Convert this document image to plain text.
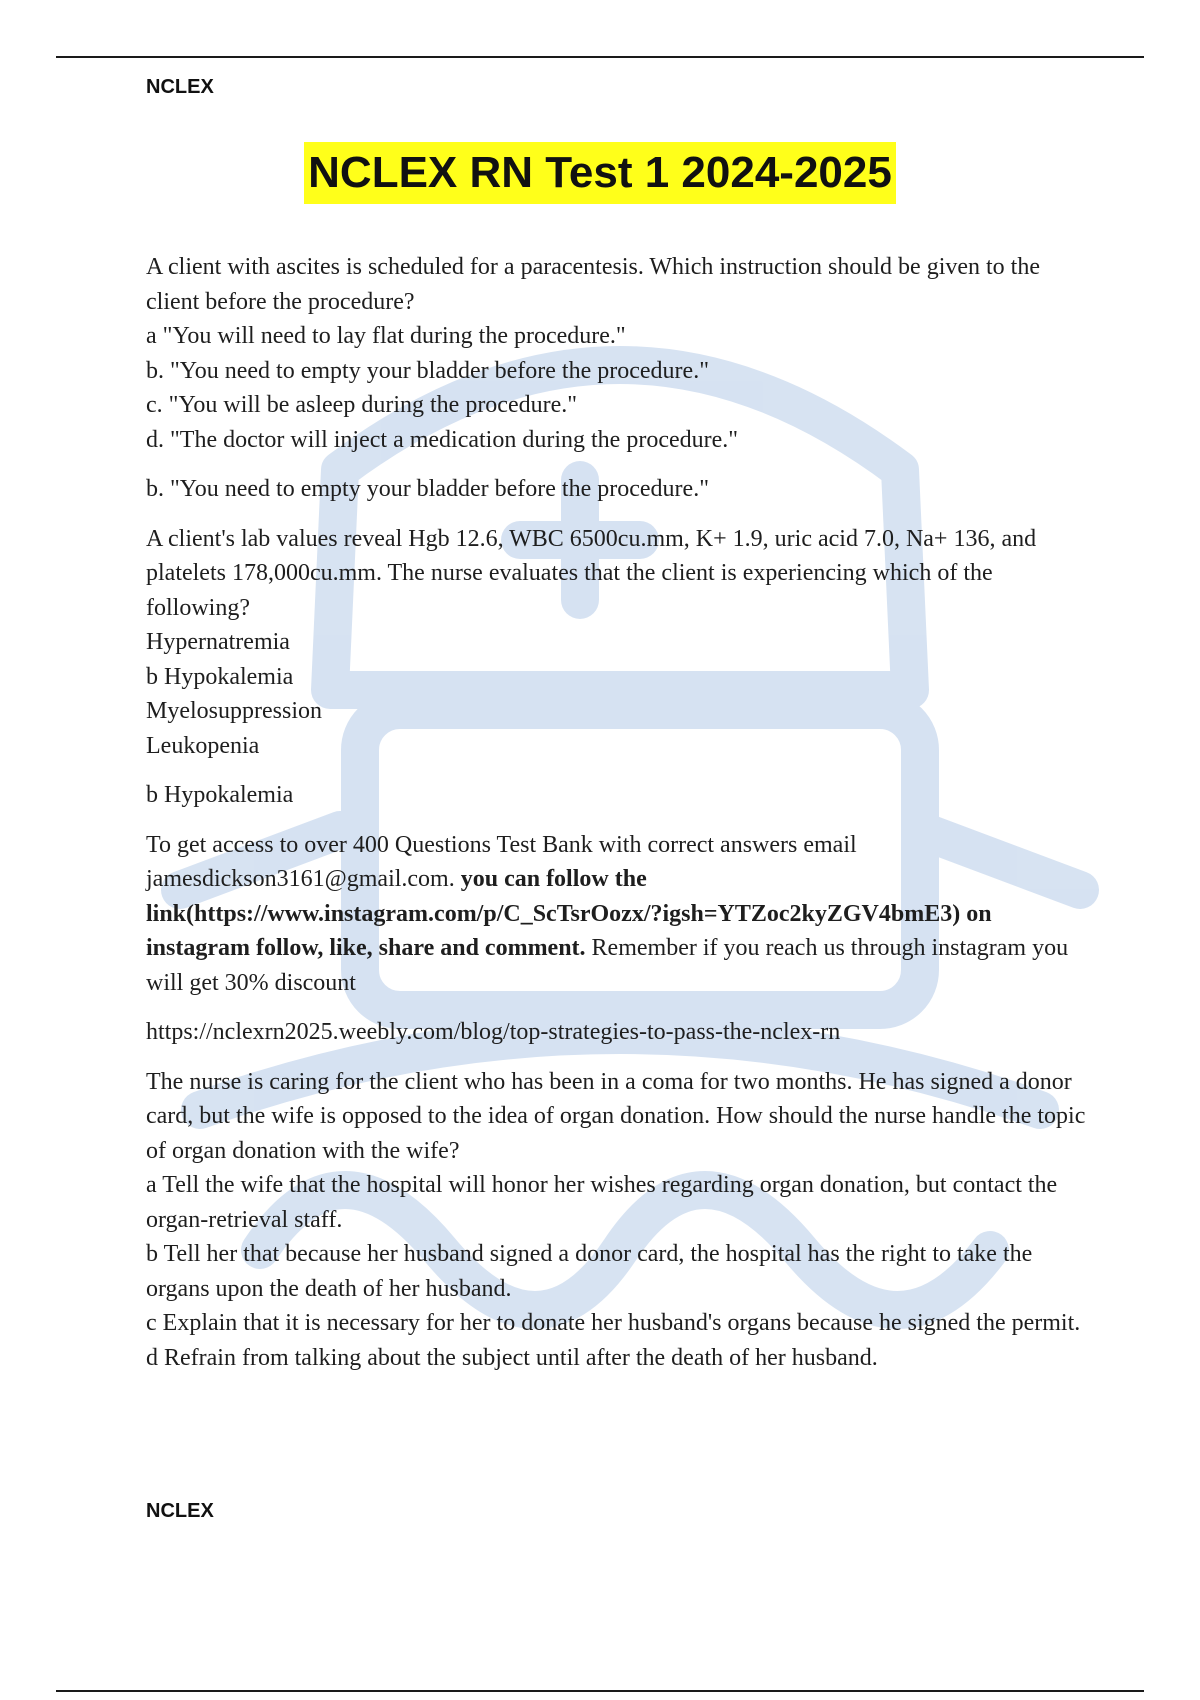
NCLEX
NCLEX RN Test 1 2024-2025

A client with ascites is scheduled for a paracentesis. Which instruction should be given to the client before the procedure?
a "You will need to lay flat during the procedure."
b. "You need to empty your bladder before the procedure."
c. "You will be asleep during the procedure."
d. "The doctor will inject a medication during the procedure."

b. "You need to empty your bladder before the procedure."

A client's lab values reveal Hgb 12.6, WBC 6500cu.mm, K+ 1.9, uric acid 7.0, Na+ 136, and platelets 178,000cu.mm. The nurse evaluates that the client is experiencing which of the following?
Hypernatremia
b Hypokalemia
Myelosuppression
Leukopenia

b Hypokalemia

To get access to over 400 Questions Test Bank with correct answers email jamesdickson3161@gmail.com. you can follow the link(https://www.instagram.com/p/C_ScTsrOozx/?igsh=YTZoc2kyZGV4bmE3) on instagram follow, like, share and comment. Remember if you reach us through instagram you will get 30% discount

https://nclexrn2025.weebly.com/blog/top-strategies-to-pass-the-nclex-rn

The nurse is caring for the client who has been in a coma for two months. He has signed a donor card, but the wife is opposed to the idea of organ donation. How should the nurse handle the topic of organ donation with the wife?
a Tell the wife that the hospital will honor her wishes regarding organ donation, but contact the organ-retrieval staff.
b Tell her that because her husband signed a donor card, the hospital has the right to take the organs upon the death of her husband.
c Explain that it is necessary for her to donate her husband's organs because he signed the permit.
d Refrain from talking about the subject until after the death of her husband.

NCLEX
